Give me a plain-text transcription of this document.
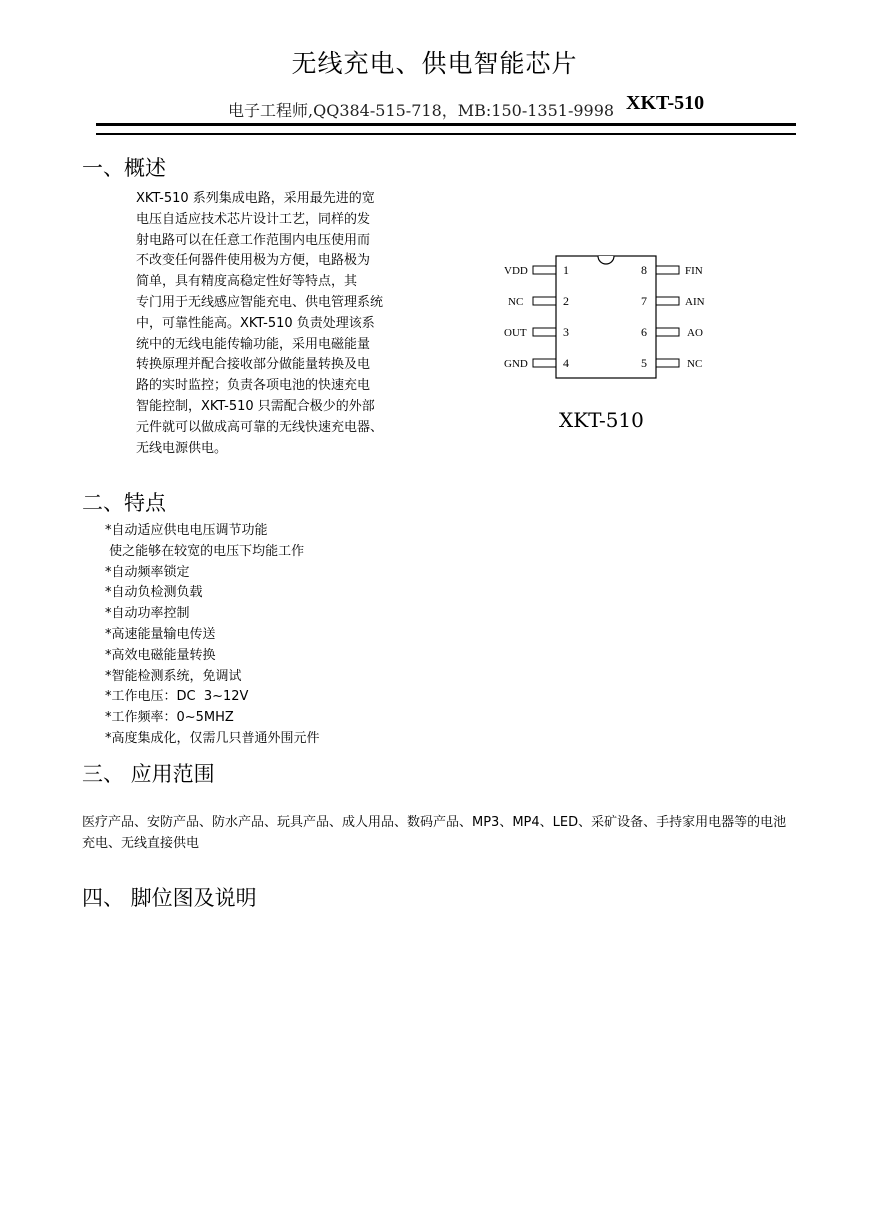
无线充电、供电智能芯片
电子工程师,QQ384-515-718，MB:150-1351-9998 XKT-510
一、概述
XKT-510 系列集成电路，采用最先进的宽
电压自适应技术芯片设计工艺，同样的发
射电路可以在任意工作范围内电压使用而
不改变任何器件使用极为方便，电路极为
简单，具有精度高稳定性好等特点，其
专门用于无线感应智能充电、供电管理系统
中，可靠性能高。XKT-510 负责处理该系
统中的无线电能传输功能，采用电磁能量
转换原理并配合接收部分做能量转换及电
路的实时监控；负责各项电池的快速充电
智能控制，XKT-510 只需配合极少的外部
元件就可以做成高可靠的无线快速充电器、
无线电源供电。
VDD
NC
OUT
GND
1
2
3
4
8
7
6
5
FIN
AIN
AO
NC
XKT-510
二、特点
*自动适应供电电压调节功能
使之能够在较宽的电压下均能工作
*自动频率锁定
*自动负检测负载
*自动功率控制
*高速能量输电传送
*高效电磁能量转换
*智能检测系统，免调试
*工作电压：DC  3~12V
*工作频率：0~5MHZ
*高度集成化，仅需几只普通外围元件
三、 应用范围
医疗产品、安防产品、防水产品、玩具产品、成人用品、数码产品、MP3、MP4、LED、采矿设备、手持家用电器等的电池充电、无线直接供电
四、 脚位图及说明
